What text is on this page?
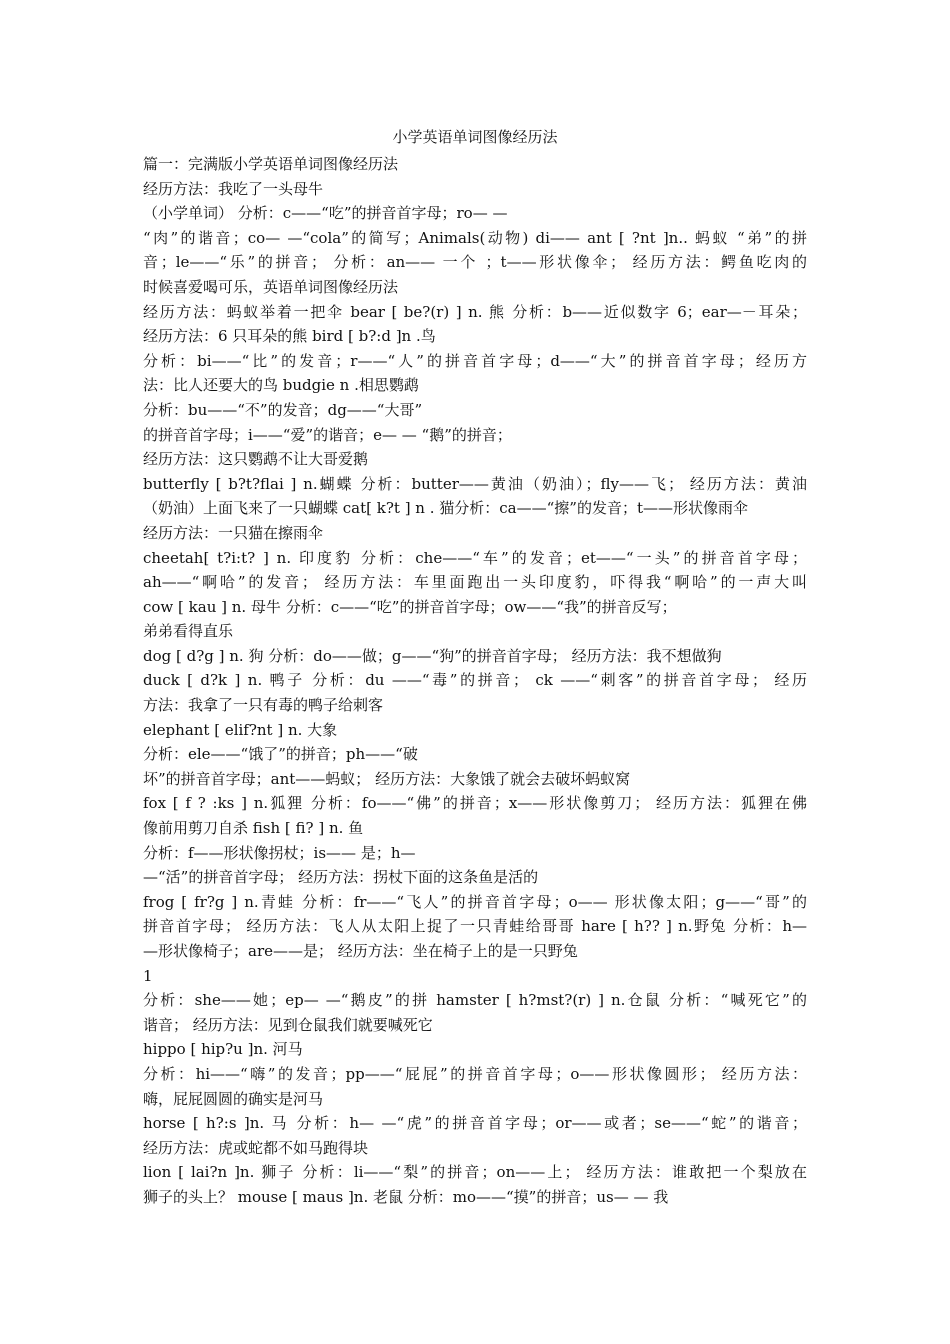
小学英语单词图像经历法
篇一：完满版小学英语单词图像经历法
经历方法：我吃了一头母牛
（小学单词） 分析：c——“吃”的拼音首字母；ro— —
“肉”的谐音；co— —“cola”的简写；Animals(动物) di—— ant [ ?nt ]n.. 蚂蚁 “弟”的拼
音；le——“乐”的拼音； 分析：an—— 一个 ；t——形状像伞； 经历方法：鳄鱼吃肉的
时候喜爱喝可乐，英语单词图像经历法
经历方法：蚂蚁举着一把伞 bear [ be?(r) ] n. 熊 分析：b——近似数字 6；ear—－耳朵；
经历方法：6 只耳朵的熊 bird [ b?:d ]n .鸟
分析：bi——“比”的发音；r——“人”的拼音首字母；d——“大”的拼音首字母；经历方
法：比人还要大的鸟 budgie n .相思鹦鹉
分析：bu——“不”的发音；dg——“大哥”
的拼音首字母；i——“爱”的谐音；e— — “鹅”的拼音；
经历方法：这只鹦鹉不让大哥爱鹅
butterfly [ b?t?flai ] n.蝴蝶 分析：butter——黄油（奶油）；fly——飞； 经历方法：黄油
（奶油）上面飞来了一只蝴蝶 cat[ k?t ] n . 猫分析：ca——“擦”的发音；t——形状像雨伞
经历方法：一只猫在擦雨伞
cheetah[ t?i:t? ] n. 印度豹 分析：che——“车”的发音；et——“一头”的拼音首字母；
ah——“啊哈”的发音； 经历方法：车里面跑出一头印度豹，吓得我“啊哈”的一声大叫
cow [ kau ] n. 母牛 分析：c——“吃”的拼音首字母；ow——“我”的拼音反写；
弟弟看得直乐
dog [ d?g ] n. 狗 分析：do——做；g——“狗”的拼音首字母； 经历方法：我不想做狗
duck [ d?k ] n. 鸭子 分析：du ——“毒”的拼音； ck ——“刺客”的拼音首字母； 经历
方法：我拿了一只有毒的鸭子给刺客
elephant [ elif?nt ] n. 大象
分析：ele——“饿了”的拼音；ph——“破
坏”的拼音首字母；ant——蚂蚁； 经历方法：大象饿了就会去破坏蚂蚁窝
fox [ f ? :ks ] n.狐狸 分析：fo——“佛”的拼音；x——形状像剪刀； 经历方法：狐狸在佛
像前用剪刀自杀 fish [ fi? ] n. 鱼
分析：f——形状像拐杖；is—— 是；h—
—“活”的拼音首字母； 经历方法：拐杖下面的这条鱼是活的
frog [ fr?g ] n.青蛙 分析：fr——“飞人”的拼音首字母；o—— 形状像太阳；g——“哥”的
拼音首字母； 经历方法：飞人从太阳上捉了一只青蛙给哥哥 hare [ h?? ] n.野兔 分析：h—
—形状像椅子；are——是； 经历方法：坐在椅子上的是一只野兔
1
分析：she——她；ep— —“鹅皮”的拼 hamster [ h?mst?(r) ] n.仓鼠 分析：“喊死它”的
谐音； 经历方法：见到仓鼠我们就要喊死它
hippo [ hip?u ]n. 河马
分析：hi——“嗨”的发音；pp——“屁屁”的拼音首字母；o——形状像圆形； 经历方法：
嗨，屁屁圆圆的确实是河马
horse [ h?:s ]n. 马 分析：h— —“虎”的拼音首字母；or——或者；se——“蛇”的谐音；
经历方法：虎或蛇都不如马跑得块
lion [ lai?n ]n. 狮子 分析：li——“梨”的拼音；on——上； 经历方法：谁敢把一个梨放在
狮子的头上？ mouse [ maus ]n. 老鼠 分析：mo——“摸”的拼音；us— — 我
